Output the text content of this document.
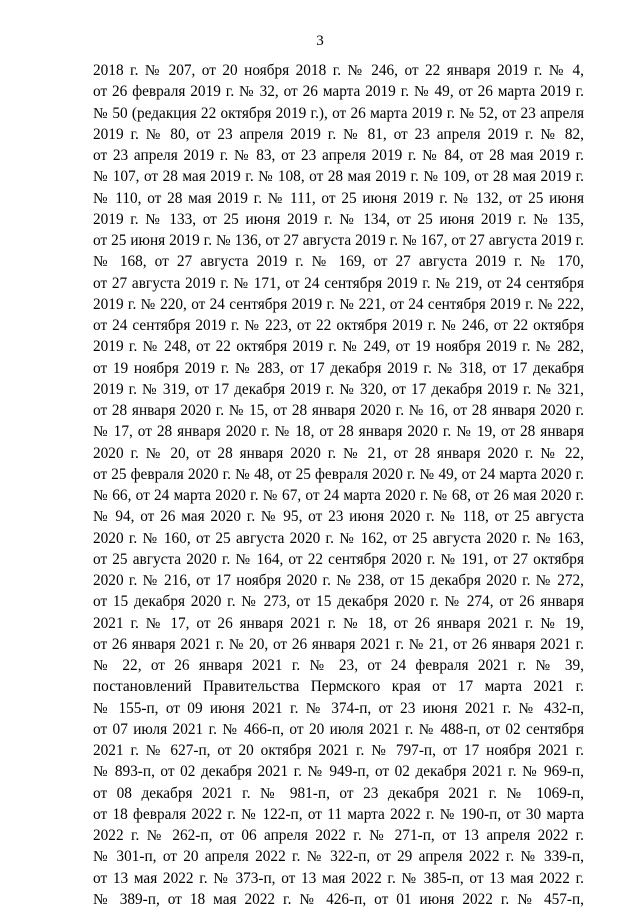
3
2018 г. № 207, от 20 ноября 2018 г. № 246, от 22 января 2019 г. № 4,
от 26 февраля 2019 г. № 32, от 26 марта 2019 г. № 49, от 26 марта 2019 г.
№ 50 (редакция 22 октября 2019 г.), от 26 марта 2019 г. № 52, от 23 апреля
2019 г. № 80, от 23 апреля 2019 г. № 81, от 23 апреля 2019 г. № 82,
от 23 апреля 2019 г. № 83, от 23 апреля 2019 г. № 84, от 28 мая 2019 г.
№ 107, от 28 мая 2019 г. № 108, от 28 мая 2019 г. № 109, от 28 мая 2019 г.
№ 110, от 28 мая 2019 г. № 111, от 25 июня 2019 г. № 132, от 25 июня
2019 г. № 133, от 25 июня 2019 г. № 134, от 25 июня 2019 г. № 135,
от 25 июня 2019 г. № 136, от 27 августа 2019 г. № 167, от 27 августа 2019 г.
№ 168, от 27 августа 2019 г. № 169, от 27 августа 2019 г. № 170,
от 27 августа 2019 г. № 171, от 24 сентября 2019 г. № 219, от 24 сентября
2019 г. № 220, от 24 сентября 2019 г. № 221, от 24 сентября 2019 г. № 222,
от 24 сентября 2019 г. № 223, от 22 октября 2019 г. № 246, от 22 октября
2019 г. № 248, от 22 октября 2019 г. № 249, от 19 ноября 2019 г. № 282,
от 19 ноября 2019 г. № 283, от 17 декабря 2019 г. № 318, от 17 декабря
2019 г. № 319, от 17 декабря 2019 г. № 320, от 17 декабря 2019 г. № 321,
от 28 января 2020 г. № 15, от 28 января 2020 г. № 16, от 28 января 2020 г.
№ 17, от 28 января 2020 г. № 18, от 28 января 2020 г. № 19, от 28 января
2020 г. № 20, от 28 января 2020 г. № 21, от 28 января 2020 г. № 22,
от 25 февраля 2020 г. № 48, от 25 февраля 2020 г. № 49, от 24 марта 2020 г.
№ 66, от 24 марта 2020 г. № 67, от 24 марта 2020 г. № 68, от 26 мая 2020 г.
№ 94, от 26 мая 2020 г. № 95, от 23 июня 2020 г. № 118, от 25 августа
2020 г. № 160, от 25 августа 2020 г. № 162, от 25 августа 2020 г. № 163,
от 25 августа 2020 г. № 164, от 22 сентября 2020 г. № 191, от 27 октября
2020 г. № 216, от 17 ноября 2020 г. № 238, от 15 декабря 2020 г. № 272,
от 15 декабря 2020 г. № 273, от 15 декабря 2020 г. № 274, от 26 января
2021 г. № 17, от 26 января 2021 г. № 18, от 26 января 2021 г. № 19,
от 26 января 2021 г. № 20, от 26 января 2021 г. № 21, от 26 января 2021 г.
№ 22, от 26 января 2021 г. № 23, от 24 февраля 2021 г. № 39,
постановлений Правительства Пермского края от 17 марта 2021 г.
№ 155-п, от 09 июня 2021 г. № 374-п, от 23 июня 2021 г. № 432-п,
от 07 июля 2021 г. № 466-п, от 20 июля 2021 г. № 488-п, от 02 сентября
2021 г. № 627-п, от 20 октября 2021 г. № 797-п, от 17 ноября 2021 г.
№ 893-п, от 02 декабря 2021 г. № 949-п, от 02 декабря 2021 г. № 969-п,
от 08 декабря 2021 г. № 981-п, от 23 декабря 2021 г. № 1069-п,
от 18 февраля 2022 г. № 122-п, от 11 марта 2022 г. № 190-п, от 30 марта
2022 г. № 262-п, от 06 апреля 2022 г. № 271-п, от 13 апреля 2022 г.
№ 301-п, от 20 апреля 2022 г. № 322-п, от 29 апреля 2022 г. № 339-п,
от 13 мая 2022 г. № 373-п, от 13 мая 2022 г. № 385-п, от 13 мая 2022 г.
№ 389-п, от 18 мая 2022 г. № 426-п, от 01 июня 2022 г. № 457-п,
